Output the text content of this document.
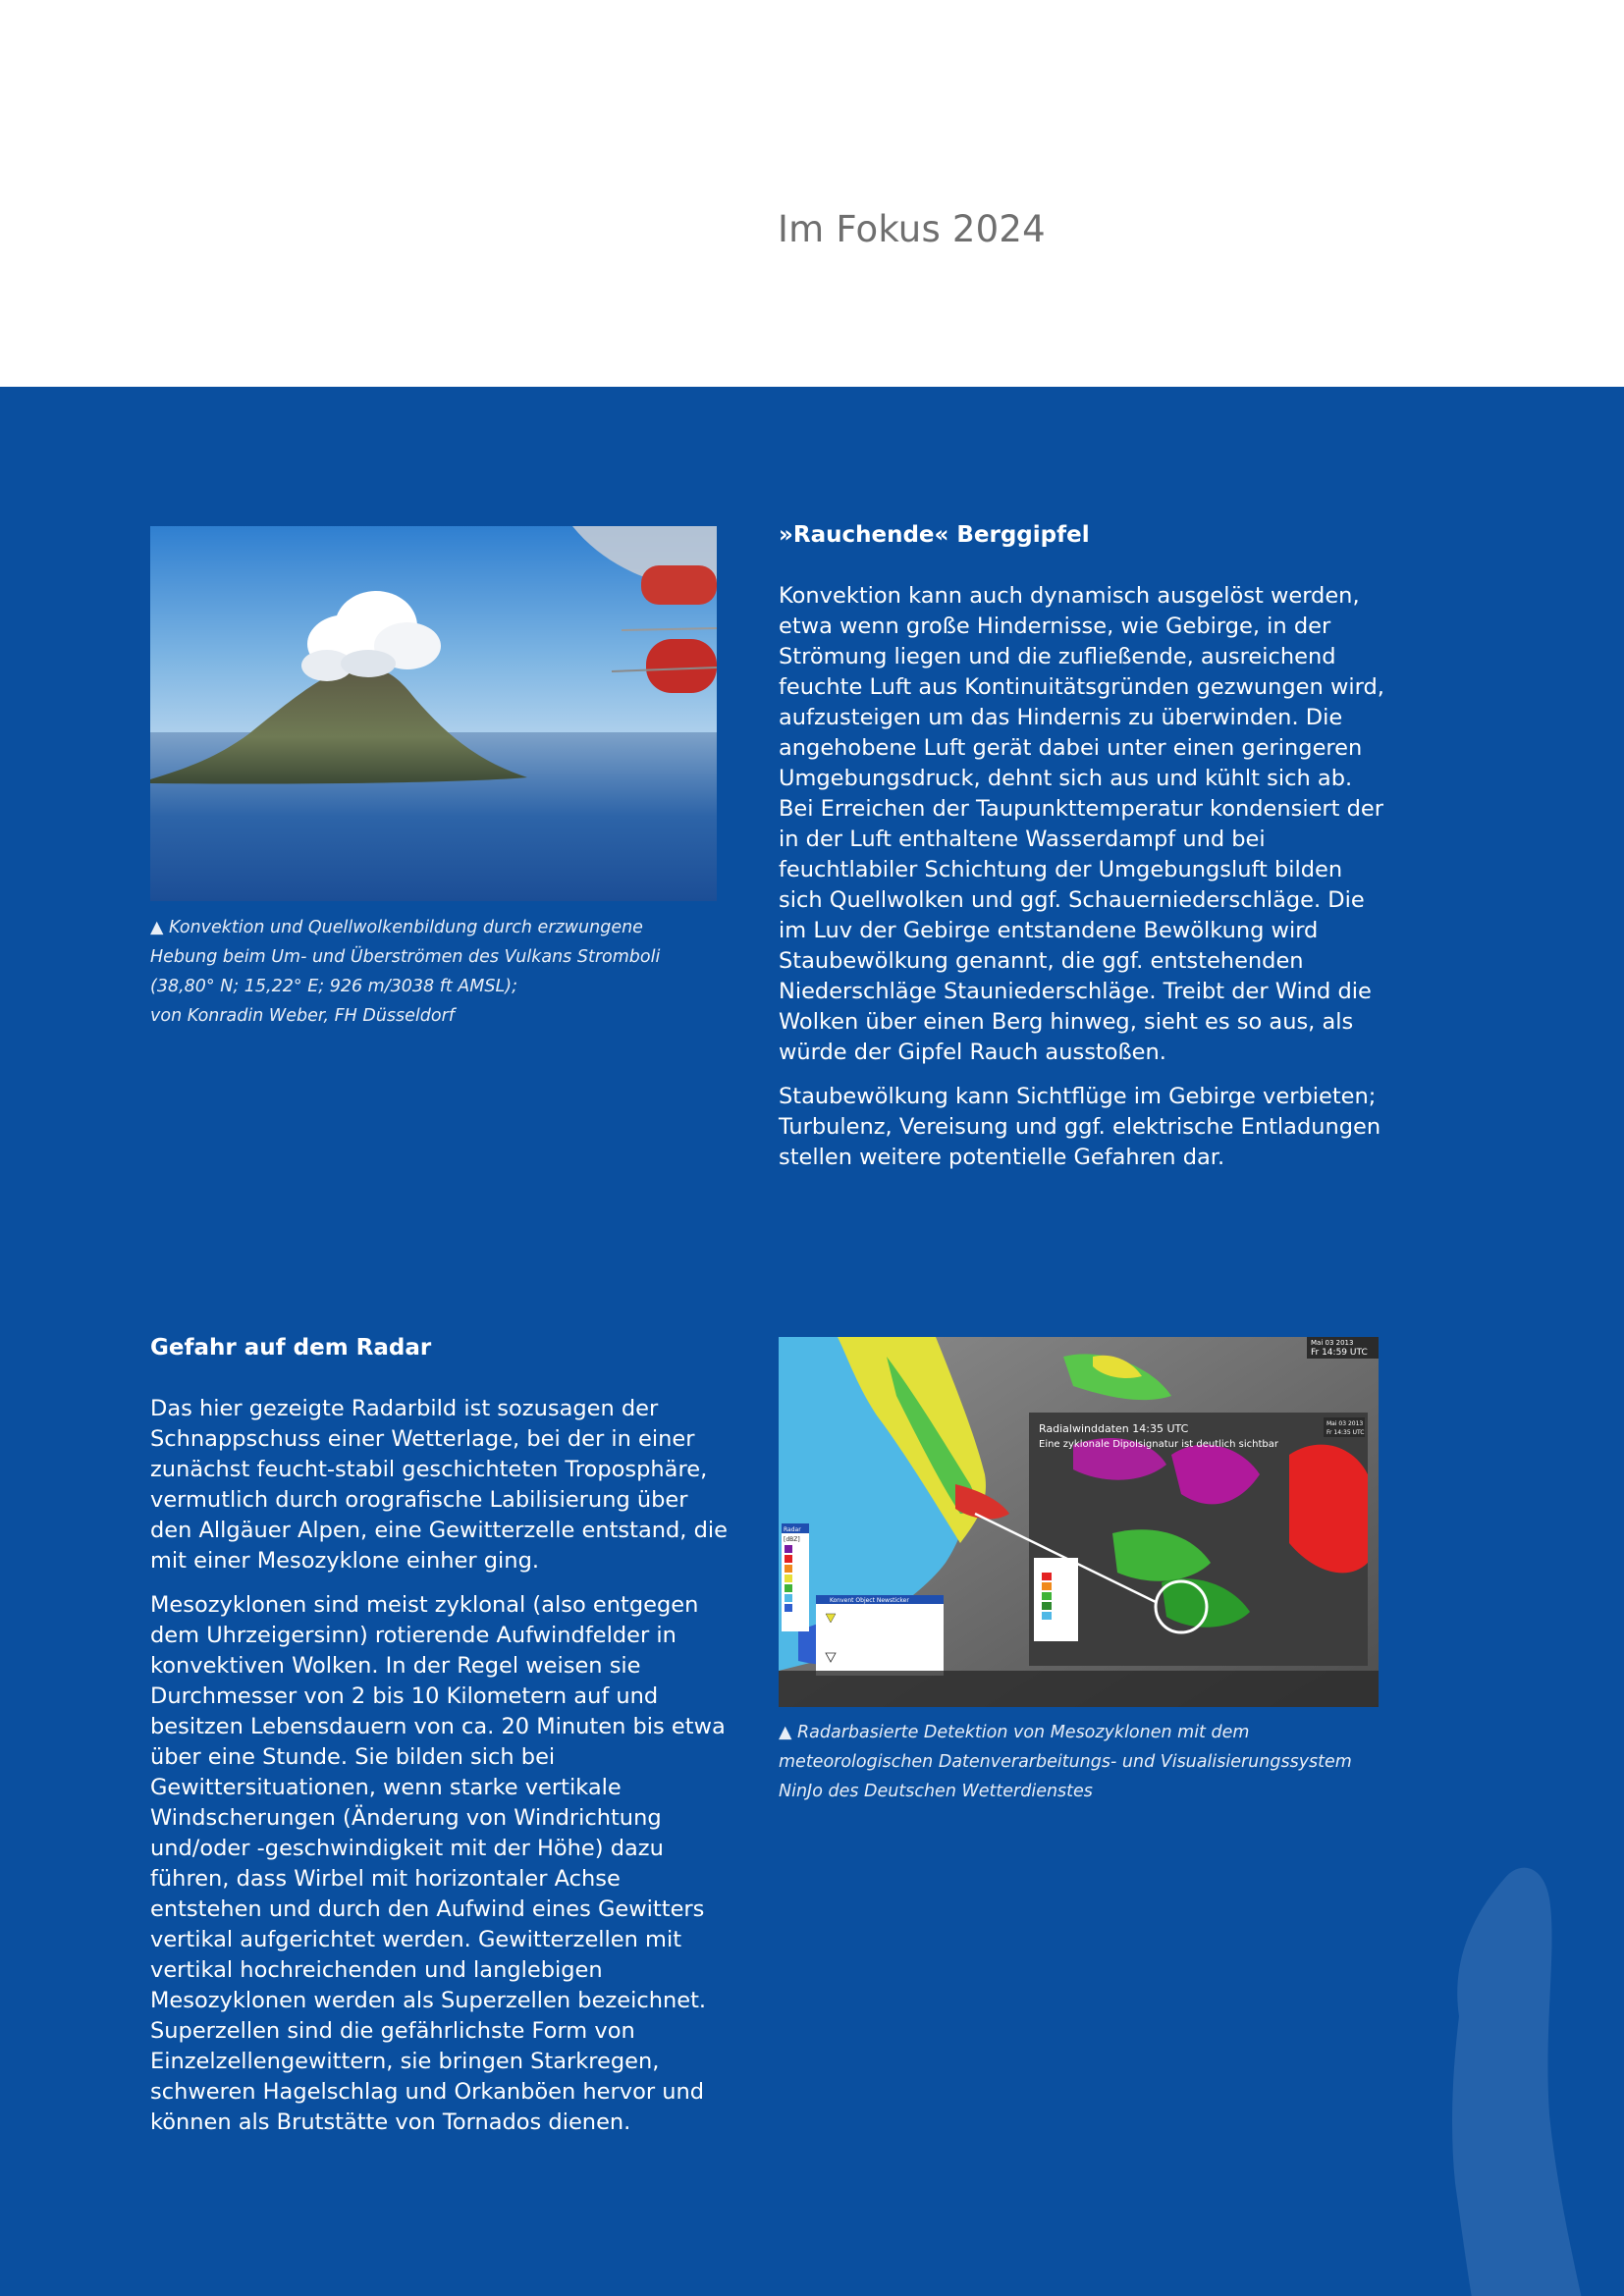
Im Fokus 2024

▲ Konvektion und Quellwolkenbildung durch erzwungene

Hebung beim Um- und Überströmen des Vulkans Stromboli

(38,80° N; 15,22° E; 926 m/3038 ft AMSL);

von Konradin Weber, FH Düsseldorf

»Rauchende« Berggipfel

Konvektion kann auch dynamisch ausgelöst werden, etwa wenn große Hindernisse, wie Gebirge, in der Strömung liegen und die zufließende, ausreichend feuchte Luft aus Kontinuitätsgründen gezwungen wird, aufzusteigen um das Hindernis zu überwinden. Die angehobene Luft gerät dabei unter einen geringeren Umgebungsdruck, dehnt sich aus und kühlt sich ab. Bei Erreichen der Taupunkttemperatur kondensiert der in der Luft enthaltene Wasserdampf und bei feuchtlabiler Schichtung der Umgebungsluft bilden sich Quellwolken und ggf. Schauerniederschläge. Die im Luv der Gebirge entstandene Bewölkung wird Staubewölkung genannt, die ggf. entstehenden Niederschläge Stauniederschläge. Treibt der Wind die Wolken über einen Berg hinweg, sieht es so aus, als würde der Gipfel Rauch ausstoßen.

Staubewölkung kann Sichtflüge im Gebirge verbieten; Turbulenz, Vereisung und ggf. elektrische Entladungen stellen weitere potentielle Gefahren dar.

Gefahr auf dem Radar

Das hier gezeigte Radarbild ist sozusagen der Schnappschuss einer Wetterlage, bei der in einer zunächst feucht-stabil geschichteten Troposphäre, vermutlich durch orografische Labilisierung über den Allgäuer Alpen, eine Gewitterzelle entstand, die mit einer Mesozyklone einher ging.

Mesozyklonen sind meist zyklonal (also entgegen dem Uhrzeigersinn) rotierende Aufwindfelder in konvektiven Wolken. In der Regel weisen sie Durchmesser von 2 bis 10 Kilometern auf und besitzen Lebensdauern von ca. 20 Minuten bis etwa über eine Stunde. Sie bilden sich bei Gewittersituationen, wenn starke vertikale Windscherungen (Änderung von Windrichtung und/oder -geschwindigkeit mit der Höhe) dazu führen, dass Wirbel mit horizontaler Achse entstehen und durch den Aufwind eines Gewitters vertikal aufgerichtet werden. Gewitterzellen mit vertikal hochreichenden und langlebigen Mesozyklonen werden als Superzellen bezeichnet. Superzellen sind die gefährlichste Form von Einzelzellengewittern, sie bringen Starkregen, schweren Hagelschlag und Orkanböen hervor und können als Brutstätte von Tornados dienen.

Radialwinddaten 14:35 UTC
Eine zyklonale Dipolsignatur ist deutlich sichtbar
Mai 03 2013
Fr 14:59 UTC
Mai 03 2013
Fr 14:35 UTC
Radar
[dBZ]
Konvent Object Newsticker

▲ Radarbasierte Detektion von Mesozyklonen mit dem meteorologischen Datenverarbeitungs- und Visualisierungssystem NinJo des Deutschen Wetterdienstes
